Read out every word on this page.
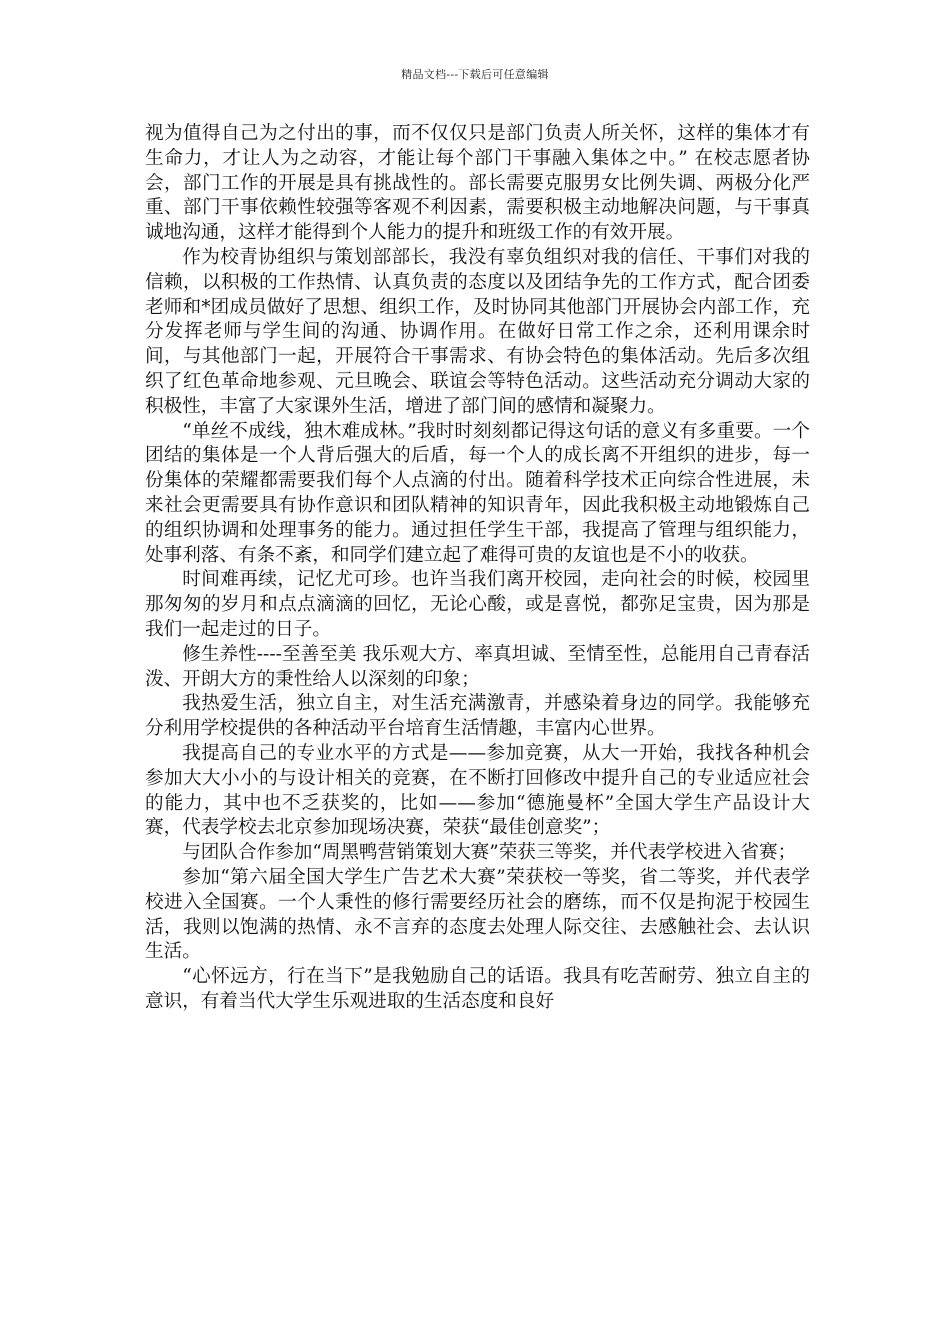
精品文档---下载后可任意编辑

视为值得自己为之付出的事，而不仅仅只是部门负责人所关怀，这样的集体才有生命力，才让人为之动容，才能让每个部门干事融入集体之中。” 在校志愿者协会，部门工作的开展是具有挑战性的。部长需要克服男女比例失调、两极分化严重、部门干事依赖性较强等客观不利因素，需要积极主动地解决问题，与干事真诚地沟通，这样才能得到个人能力的提升和班级工作的有效开展。

作为校青协组织与策划部部长，我没有辜负组织对我的信任、干事们对我的信赖，以积极的工作热情、认真负责的态度以及团结争先的工作方式，配合团委老师和*团成员做好了思想、组织工作，及时协同其他部门开展协会内部工作，充分发挥老师与学生间的沟通、协调作用。在做好日常工作之余，还利用课余时间，与其他部门一起，开展符合干事需求、有协会特色的集体活动。先后多次组织了红色革命地参观、元旦晚会、联谊会等特色活动。这些活动充分调动大家的积极性，丰富了大家课外生活，增进了部门间的感情和凝聚力。

“单丝不成线，独木难成林。”我时时刻刻都记得这句话的意义有多重要。一个团结的集体是一个人背后强大的后盾，每一个人的成长离不开组织的进步，每一份集体的荣耀都需要我们每个人点滴的付出。随着科学技术正向综合性进展，未来社会更需要具有协作意识和团队精神的知识青年，因此我积极主动地锻炼自己的组织协调和处理事务的能力。通过担任学生干部，我提高了管理与组织能力，处事利落、有条不紊，和同学们建立起了难得可贵的友谊也是不小的收获。

时间难再续，记忆尤可珍。也许当我们离开校园，走向社会的时候，校园里那匆匆的岁月和点点滴滴的回忆，无论心酸，或是喜悦，都弥足宝贵，因为那是我们一起走过的日子。

修生养性----至善至美 我乐观大方、率真坦诚、至情至性，总能用自己青春活泼、开朗大方的秉性给人以深刻的印象；

我热爱生活，独立自主，对生活充满激青，并感染着身边的同学。我能够充分利用学校提供的各种活动平台培育生活情趣，丰富内心世界。

我提高自己的专业水平的方式是——参加竞赛，从大一开始，我找各种机会参加大大小小的与设计相关的竞赛，在不断打回修改中提升自己的专业适应社会的能力，其中也不乏获奖的，比如——参加“德施曼杯”全国大学生产品设计大赛，代表学校去北京参加现场决赛，荣获“最佳创意奖”；

与团队合作参加“周黑鸭营销策划大赛”荣获三等奖，并代表学校进入省赛；

参加“第六届全国大学生广告艺术大赛”荣获校一等奖，省二等奖，并代表学校进入全国赛。一个人秉性的修行需要经历社会的磨练，而不仅是拘泥于校园生活，我则以饱满的热情、永不言弃的态度去处理人际交往、去感触社会、去认识生活。

“心怀远方，行在当下”是我勉励自己的话语。我具有吃苦耐劳、独立自主的意识，有着当代大学生乐观进取的生活态度和良好
